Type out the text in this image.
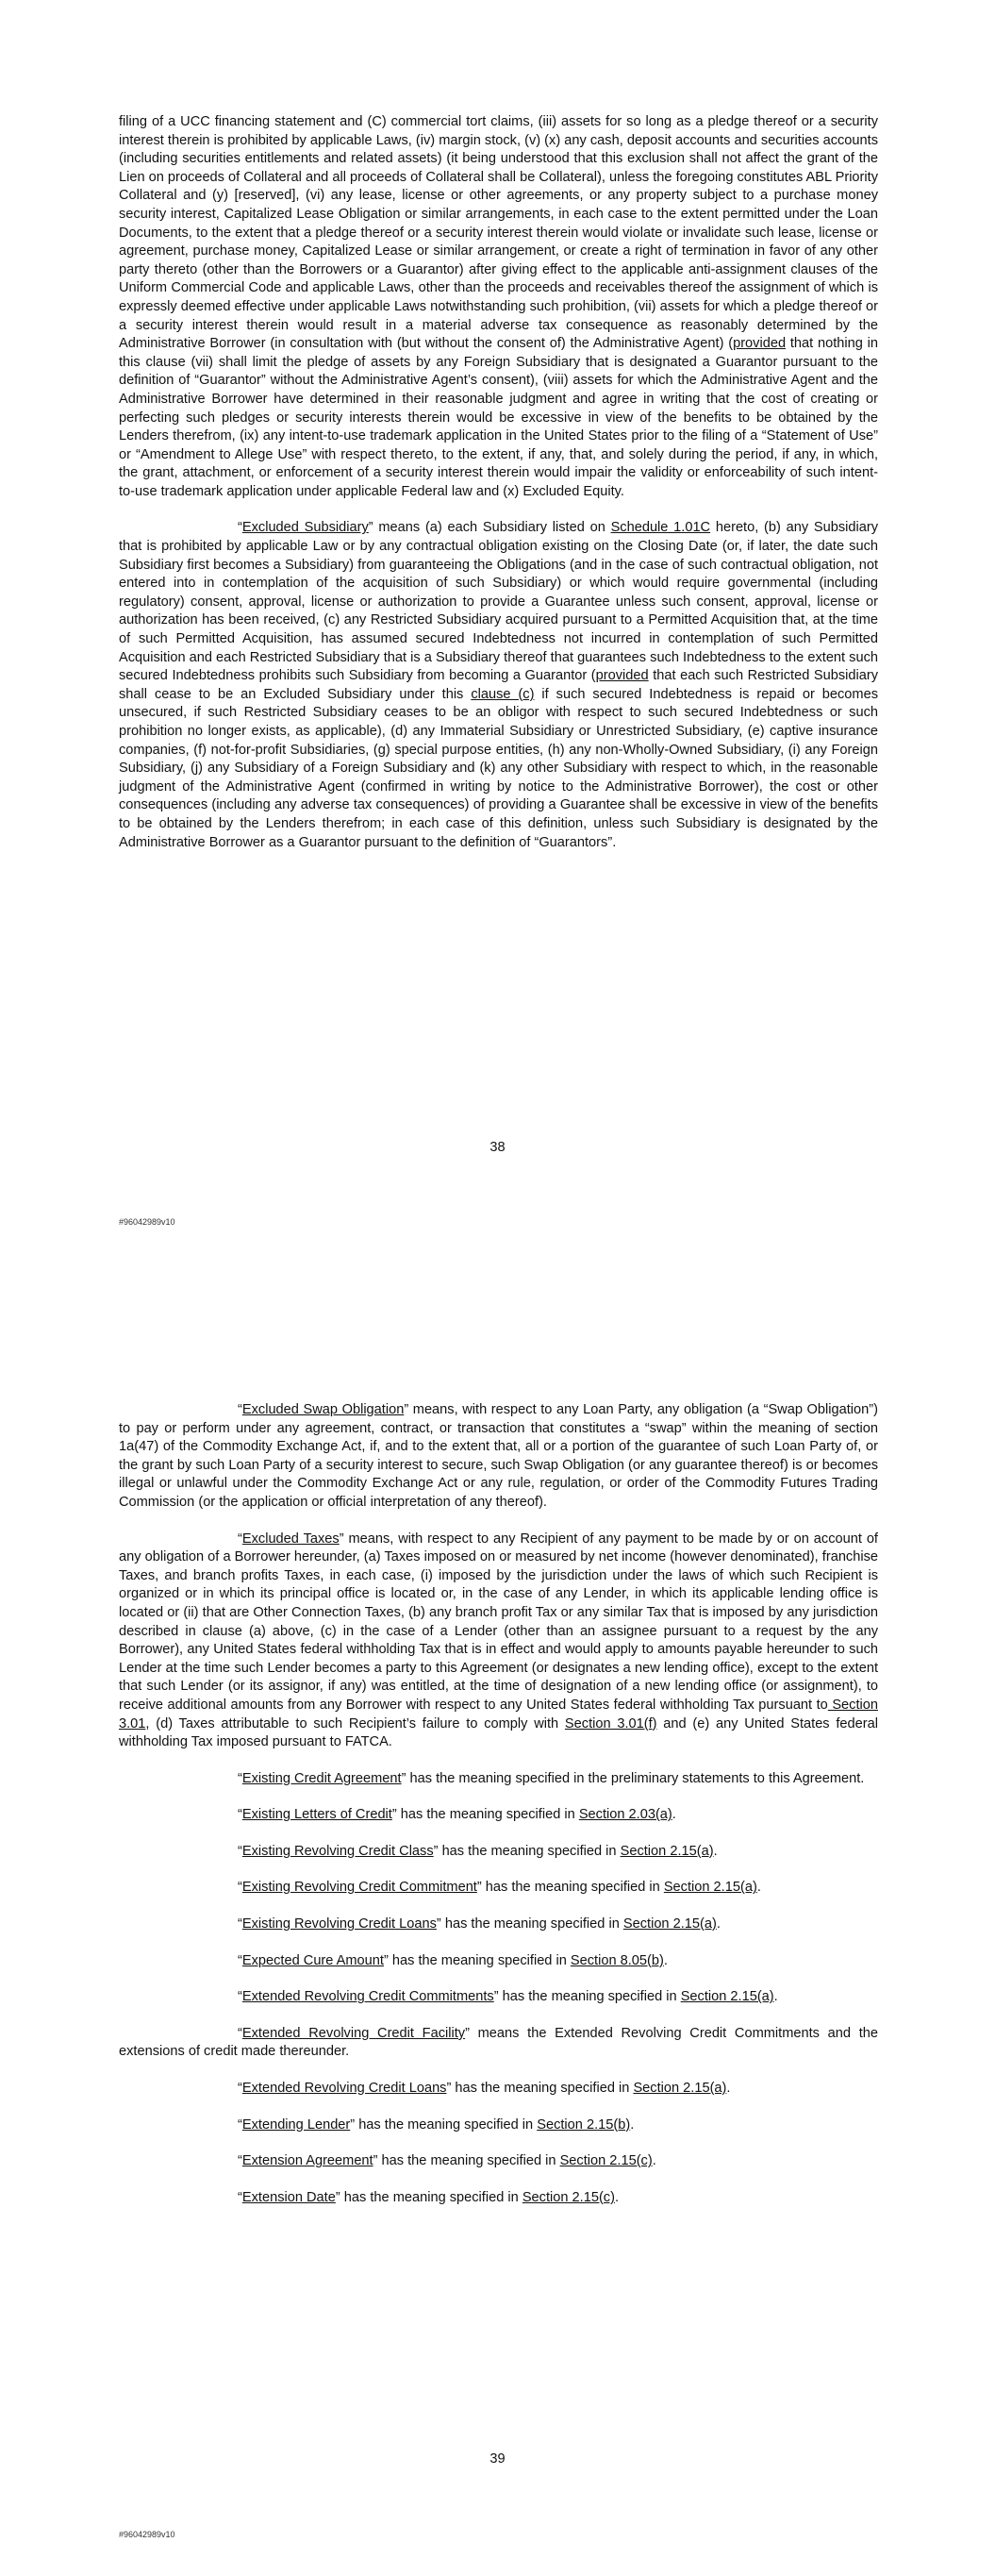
filing of a UCC financing statement and (C) commercial tort claims, (iii) assets for so long as a pledge thereof or a security interest therein is prohibited by applicable Laws, (iv) margin stock, (v) (x) any cash, deposit accounts and securities accounts (including securities entitlements and related assets) (it being understood that this exclusion shall not affect the grant of the Lien on proceeds of Collateral and all proceeds of Collateral shall be Collateral), unless the foregoing constitutes ABL Priority Collateral and (y) [reserved], (vi) any lease, license or other agreements, or any property subject to a purchase money security interest, Capitalized Lease Obligation or similar arrangements, in each case to the extent permitted under the Loan Documents, to the extent that a pledge thereof or a security interest therein would violate or invalidate such lease, license or agreement, purchase money, Capitalized Lease or similar arrangement, or create a right of termination in favor of any other party thereto (other than the Borrowers or a Guarantor) after giving effect to the applicable anti-assignment clauses of the Uniform Commercial Code and applicable Laws, other than the proceeds and receivables thereof the assignment of which is expressly deemed effective under applicable Laws notwithstanding such prohibition, (vii) assets for which a pledge thereof or a security interest therein would result in a material adverse tax consequence as reasonably determined by the Administrative Borrower (in consultation with (but without the consent of) the Administrative Agent) (provided that nothing in this clause (vii) shall limit the pledge of assets by any Foreign Subsidiary that is designated a Guarantor pursuant to the definition of “Guarantor” without the Administrative Agent’s consent), (viii) assets for which the Administrative Agent and the Administrative Borrower have determined in their reasonable judgment and agree in writing that the cost of creating or perfecting such pledges or security interests therein would be excessive in view of the benefits to be obtained by the Lenders therefrom, (ix) any intent-to-use trademark application in the United States prior to the filing of a “Statement of Use” or “Amendment to Allege Use” with respect thereto, to the extent, if any, that, and solely during the period, if any, in which, the grant, attachment, or enforcement of a security interest therein would impair the validity or enforceability of such intent-to-use trademark application under applicable Federal law and (x) Excluded Equity.

“Excluded Subsidiary” means (a) each Subsidiary listed on Schedule 1.01C hereto, (b) any Subsidiary that is prohibited by applicable Law or by any contractual obligation existing on the Closing Date (or, if later, the date such Subsidiary first becomes a Subsidiary) from guaranteeing the Obligations (and in the case of such contractual obligation, not entered into in contemplation of the acquisition of such Subsidiary) or which would require governmental (including regulatory) consent, approval, license or authorization to provide a Guarantee unless such consent, approval, license or authorization has been received, (c) any Restricted Subsidiary acquired pursuant to a Permitted Acquisition that, at the time of such Permitted Acquisition, has assumed secured Indebtedness not incurred in contemplation of such Permitted Acquisition and each Restricted Subsidiary that is a Subsidiary thereof that guarantees such Indebtedness to the extent such secured Indebtedness prohibits such Subsidiary from becoming a Guarantor (provided that each such Restricted Subsidiary shall cease to be an Excluded Subsidiary under this clause (c) if such secured Indebtedness is repaid or becomes unsecured, if such Restricted Subsidiary ceases to be an obligor with respect to such secured Indebtedness or such prohibition no longer exists, as applicable), (d) any Immaterial Subsidiary or Unrestricted Subsidiary, (e) captive insurance companies, (f) not-for-profit Subsidiaries, (g) special purpose entities, (h) any non-Wholly-Owned Subsidiary, (i) any Foreign Subsidiary, (j) any Subsidiary of a Foreign Subsidiary and (k) any other Subsidiary with respect to which, in the reasonable judgment of the Administrative Agent (confirmed in writing by notice to the Administrative Borrower), the cost or other consequences (including any adverse tax consequences) of providing a Guarantee shall be excessive in view of the benefits to be obtained by the Lenders therefrom; in each case of this definition, unless such Subsidiary is designated by the Administrative Borrower as a Guarantor pursuant to the definition of “Guarantors”.

38
#96042989v10

“Excluded Swap Obligation” means, with respect to any Loan Party, any obligation (a “Swap Obligation”) to pay or perform under any agreement, contract, or transaction that constitutes a “swap” within the meaning of section 1a(47) of the Commodity Exchange Act, if, and to the extent that, all or a portion of the guarantee of such Loan Party of, or the grant by such Loan Party of a security interest to secure, such Swap Obligation (or any guarantee thereof) is or becomes illegal or unlawful under the Commodity Exchange Act or any rule, regulation, or order of the Commodity Futures Trading Commission (or the application or official interpretation of any thereof).

“Excluded Taxes” means, with respect to any Recipient of any payment to be made by or on account of any obligation of a Borrower hereunder, (a) Taxes imposed on or measured by net income (however denominated), franchise Taxes, and branch profits Taxes, in each case, (i) imposed by the jurisdiction under the laws of which such Recipient is organized or in which its principal office is located or, in the case of any Lender, in which its applicable lending office is located or (ii) that are Other Connection Taxes, (b) any branch profit Tax or any similar Tax that is imposed by any jurisdiction described in clause (a) above, (c) in the case of a Lender (other than an assignee pursuant to a request by the any Borrower), any United States federal withholding Tax that is in effect and would apply to amounts payable hereunder to such Lender at the time such Lender becomes a party to this Agreement (or designates a new lending office), except to the extent that such Lender (or its assignor, if any) was entitled, at the time of designation of a new lending office (or assignment), to receive additional amounts from any Borrower with respect to any United States federal withholding Tax pursuant to Section 3.01, (d) Taxes attributable to such Recipient’s failure to comply with Section 3.01(f) and (e) any United States federal withholding Tax imposed pursuant to FATCA.

“Existing Credit Agreement” has the meaning specified in the preliminary statements to this Agreement.

“Existing Letters of Credit” has the meaning specified in Section 2.03(a).

“Existing Revolving Credit Class” has the meaning specified in Section 2.15(a).

“Existing Revolving Credit Commitment” has the meaning specified in Section 2.15(a).

“Existing Revolving Credit Loans” has the meaning specified in Section 2.15(a).

“Expected Cure Amount” has the meaning specified in Section 8.05(b).

“Extended Revolving Credit Commitments” has the meaning specified in Section 2.15(a).

“Extended Revolving Credit Facility” means the Extended Revolving Credit Commitments and the extensions of credit made thereunder.

“Extended Revolving Credit Loans” has the meaning specified in Section 2.15(a).

“Extending Lender” has the meaning specified in Section 2.15(b).

“Extension Agreement” has the meaning specified in Section 2.15(c).

“Extension Date” has the meaning specified in Section 2.15(c).

39
#96042989v10
